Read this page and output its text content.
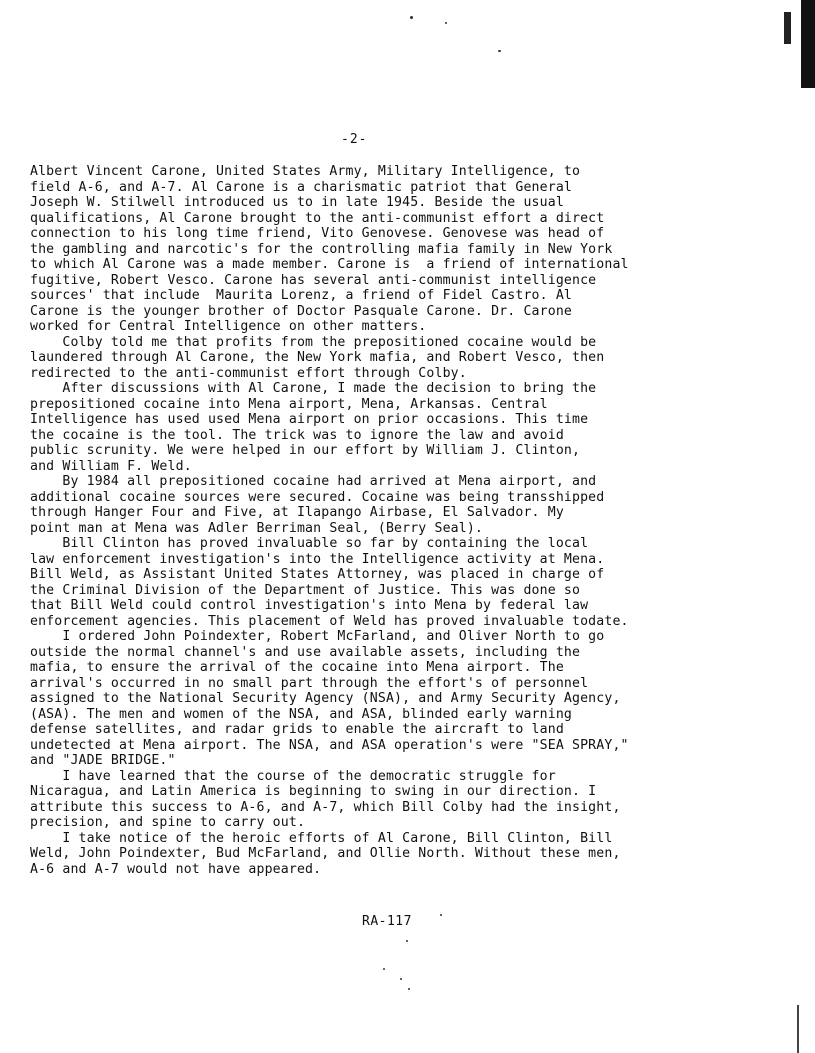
-2-
Albert Vincent Carone, United States Army, Military Intelligence, to
field A-6, and A-7. Al Carone is a charismatic patriot that General
Joseph W. Stilwell introduced us to in late 1945. Beside the usual
qualifications, Al Carone brought to the anti-communist effort a direct
connection to his long time friend, Vito Genovese. Genovese was head of
the gambling and narcotic's for the controlling mafia family in New York
to which Al Carone was a made member. Carone is  a friend of international
fugitive, Robert Vesco. Carone has several anti-communist intelligence
sources' that include  Maurita Lorenz, a friend of Fidel Castro. Al
Carone is the younger brother of Doctor Pasquale Carone. Dr. Carone
worked for Central Intelligence on other matters.
Colby told me that profits from the prepositioned cocaine would be
laundered through Al Carone, the New York mafia, and Robert Vesco, then
redirected to the anti-communist effort through Colby.
After discussions with Al Carone, I made the decision to bring the
prepositioned cocaine into Mena airport, Mena, Arkansas. Central
Intelligence has used used Mena airport on prior occasions. This time
the cocaine is the tool. The trick was to ignore the law and avoid
public scrunity. We were helped in our effort by William J. Clinton,
and William F. Weld.
By 1984 all prepositioned cocaine had arrived at Mena airport, and
additional cocaine sources were secured. Cocaine was being transshipped
through Hanger Four and Five, at Ilapango Airbase, El Salvador. My
point man at Mena was Adler Berriman Seal, (Berry Seal).
Bill Clinton has proved invaluable so far by containing the local
law enforcement investigation's into the Intelligence activity at Mena.
Bill Weld, as Assistant United States Attorney, was placed in charge of
the Criminal Division of the Department of Justice. This was done so
that Bill Weld could control investigation's into Mena by federal law
enforcement agencies. This placement of Weld has proved invaluable todate.
I ordered John Poindexter, Robert McFarland, and Oliver North to go
outside the normal channel's and use available assets, including the
mafia, to ensure the arrival of the cocaine into Mena airport. The
arrival's occurred in no small part through the effort's of personnel
assigned to the National Security Agency (NSA), and Army Security Agency,
(ASA). The men and women of the NSA, and ASA, blinded early warning
defense satellites, and radar grids to enable the aircraft to land
undetected at Mena airport. The NSA, and ASA operation's were "SEA SPRAY,"
and "JADE BRIDGE."
I have learned that the course of the democratic struggle for
Nicaragua, and Latin America is beginning to swing in our direction. I
attribute this success to A-6, and A-7, which Bill Colby had the insight,
precision, and spine to carry out.
I take notice of the heroic efforts of Al Carone, Bill Clinton, Bill
Weld, John Poindexter, Bud McFarland, and Ollie North. Without these men,
A-6 and A-7 would not have appeared.
RA-117
